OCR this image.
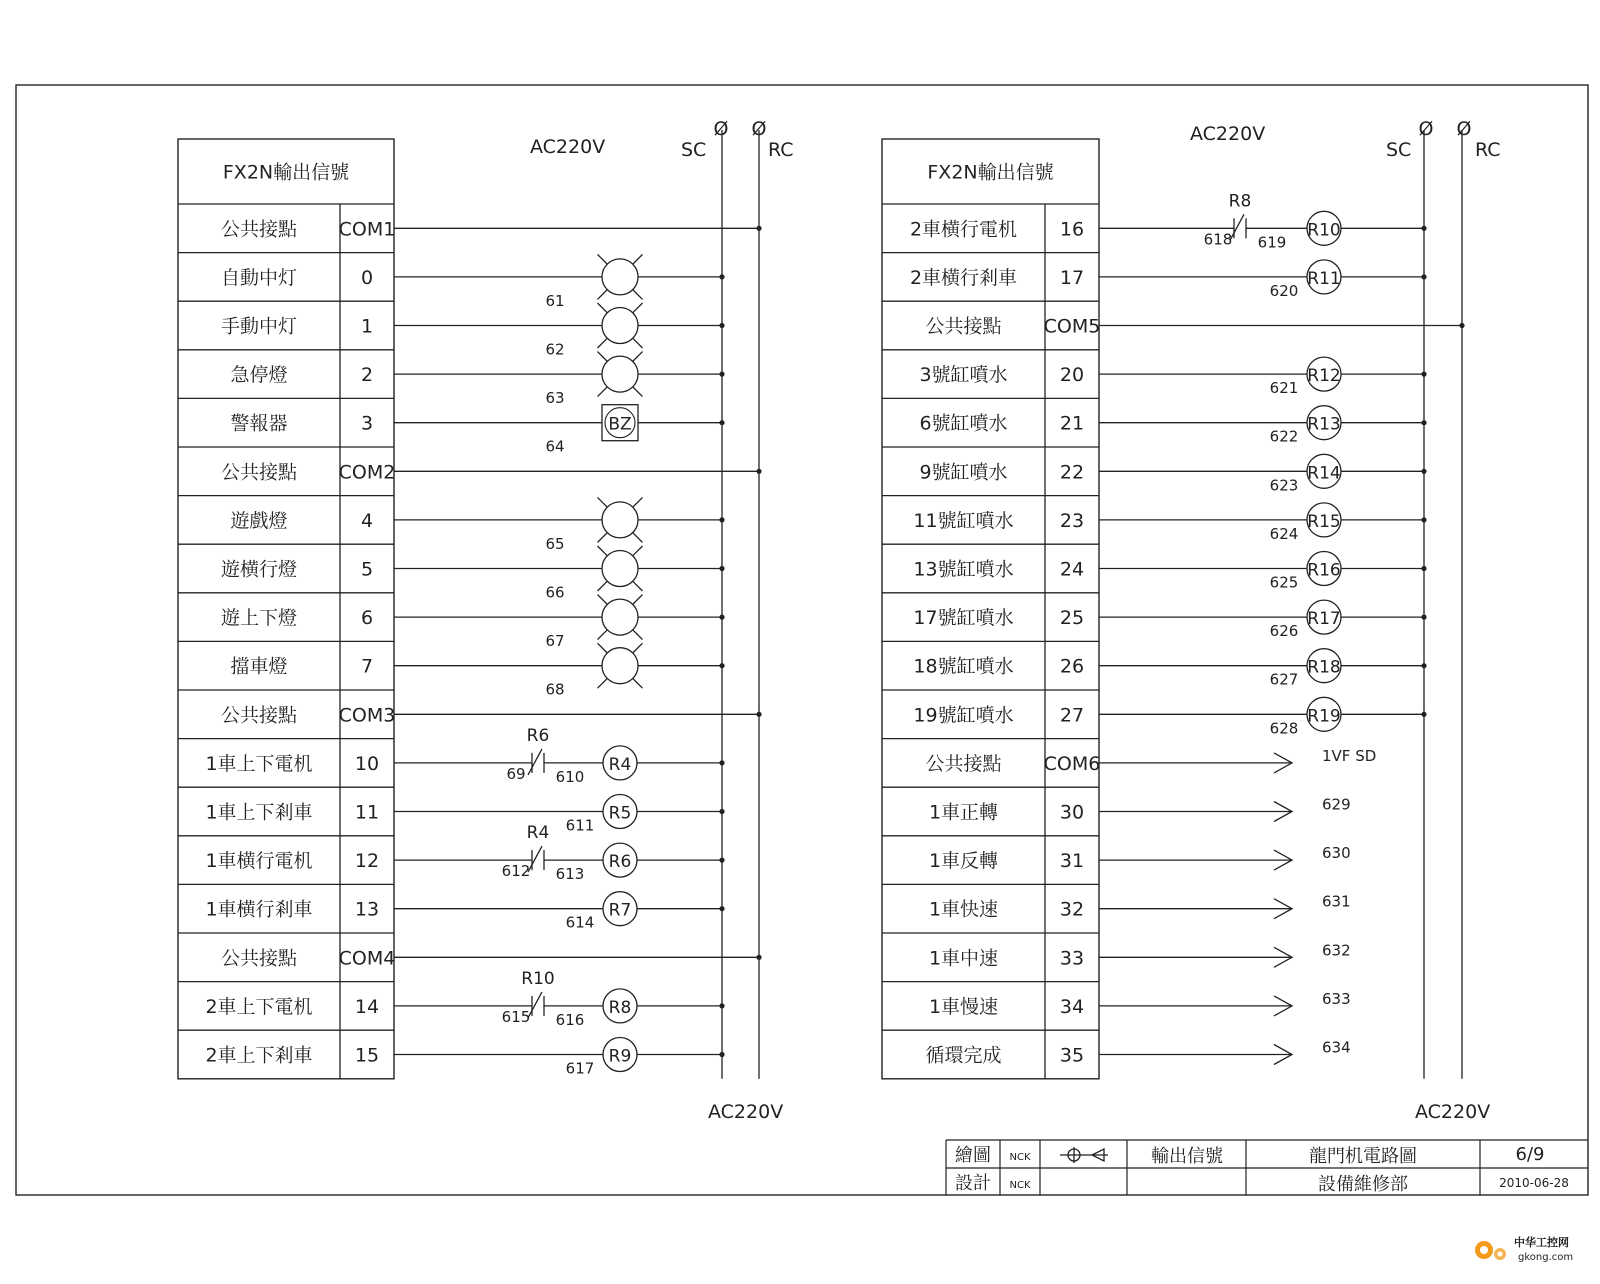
繪圖
設計
NCK
NCK
輸出信號	龍門机電路圖
設備維修部
6/9
2010-06-28
AC220V	SC	RC
Ø Ø
AC220V
AC220V
SC	RC
Ø Ø
AC220V
FX2N輸出信號
公共接點 COM1
自動中灯	0
61
手動中灯	1
62
急停燈	2
63
警報器	3	BZ
64
公共接點 COM2
遊戲燈	4
65
遊横行燈	5
66
遊上下燈	6
67
擋車燈	7
68
公共接點 COM3
1車上下電机 10
R6
69 610
R4
1車上下剎車 11
611
R5
1車横行電机 12
R4
612 613
R6
1車横行剎車 13
614
R7
公共接點 COM4
2車上下電机 14
R10
615 616
R8
2車上下剎車 15
617
R9
FX2N輸出信號
2車横行電机 16
R8
618 619
R10
2車横行剎車 17
620
R11
公共接點 COM5
3號缸噴水	20
621
R12
6號缸噴水	21
622
R13
9號缸噴水	22
623
R14
11號缸噴水 23
624
R15
13號缸噴水 24
625
R16
17號缸噴水 25
626
R17
18號缸噴水 26
627
R18
19號缸噴水 27
628
R19
公共接點 COM6	1VF SD
1車正轉	30	629
1車反轉	31	630
1車快速	32	631
1車中速	33	632
1車慢速	34	633
循環完成	35	634
中华工控网
gkong.com
